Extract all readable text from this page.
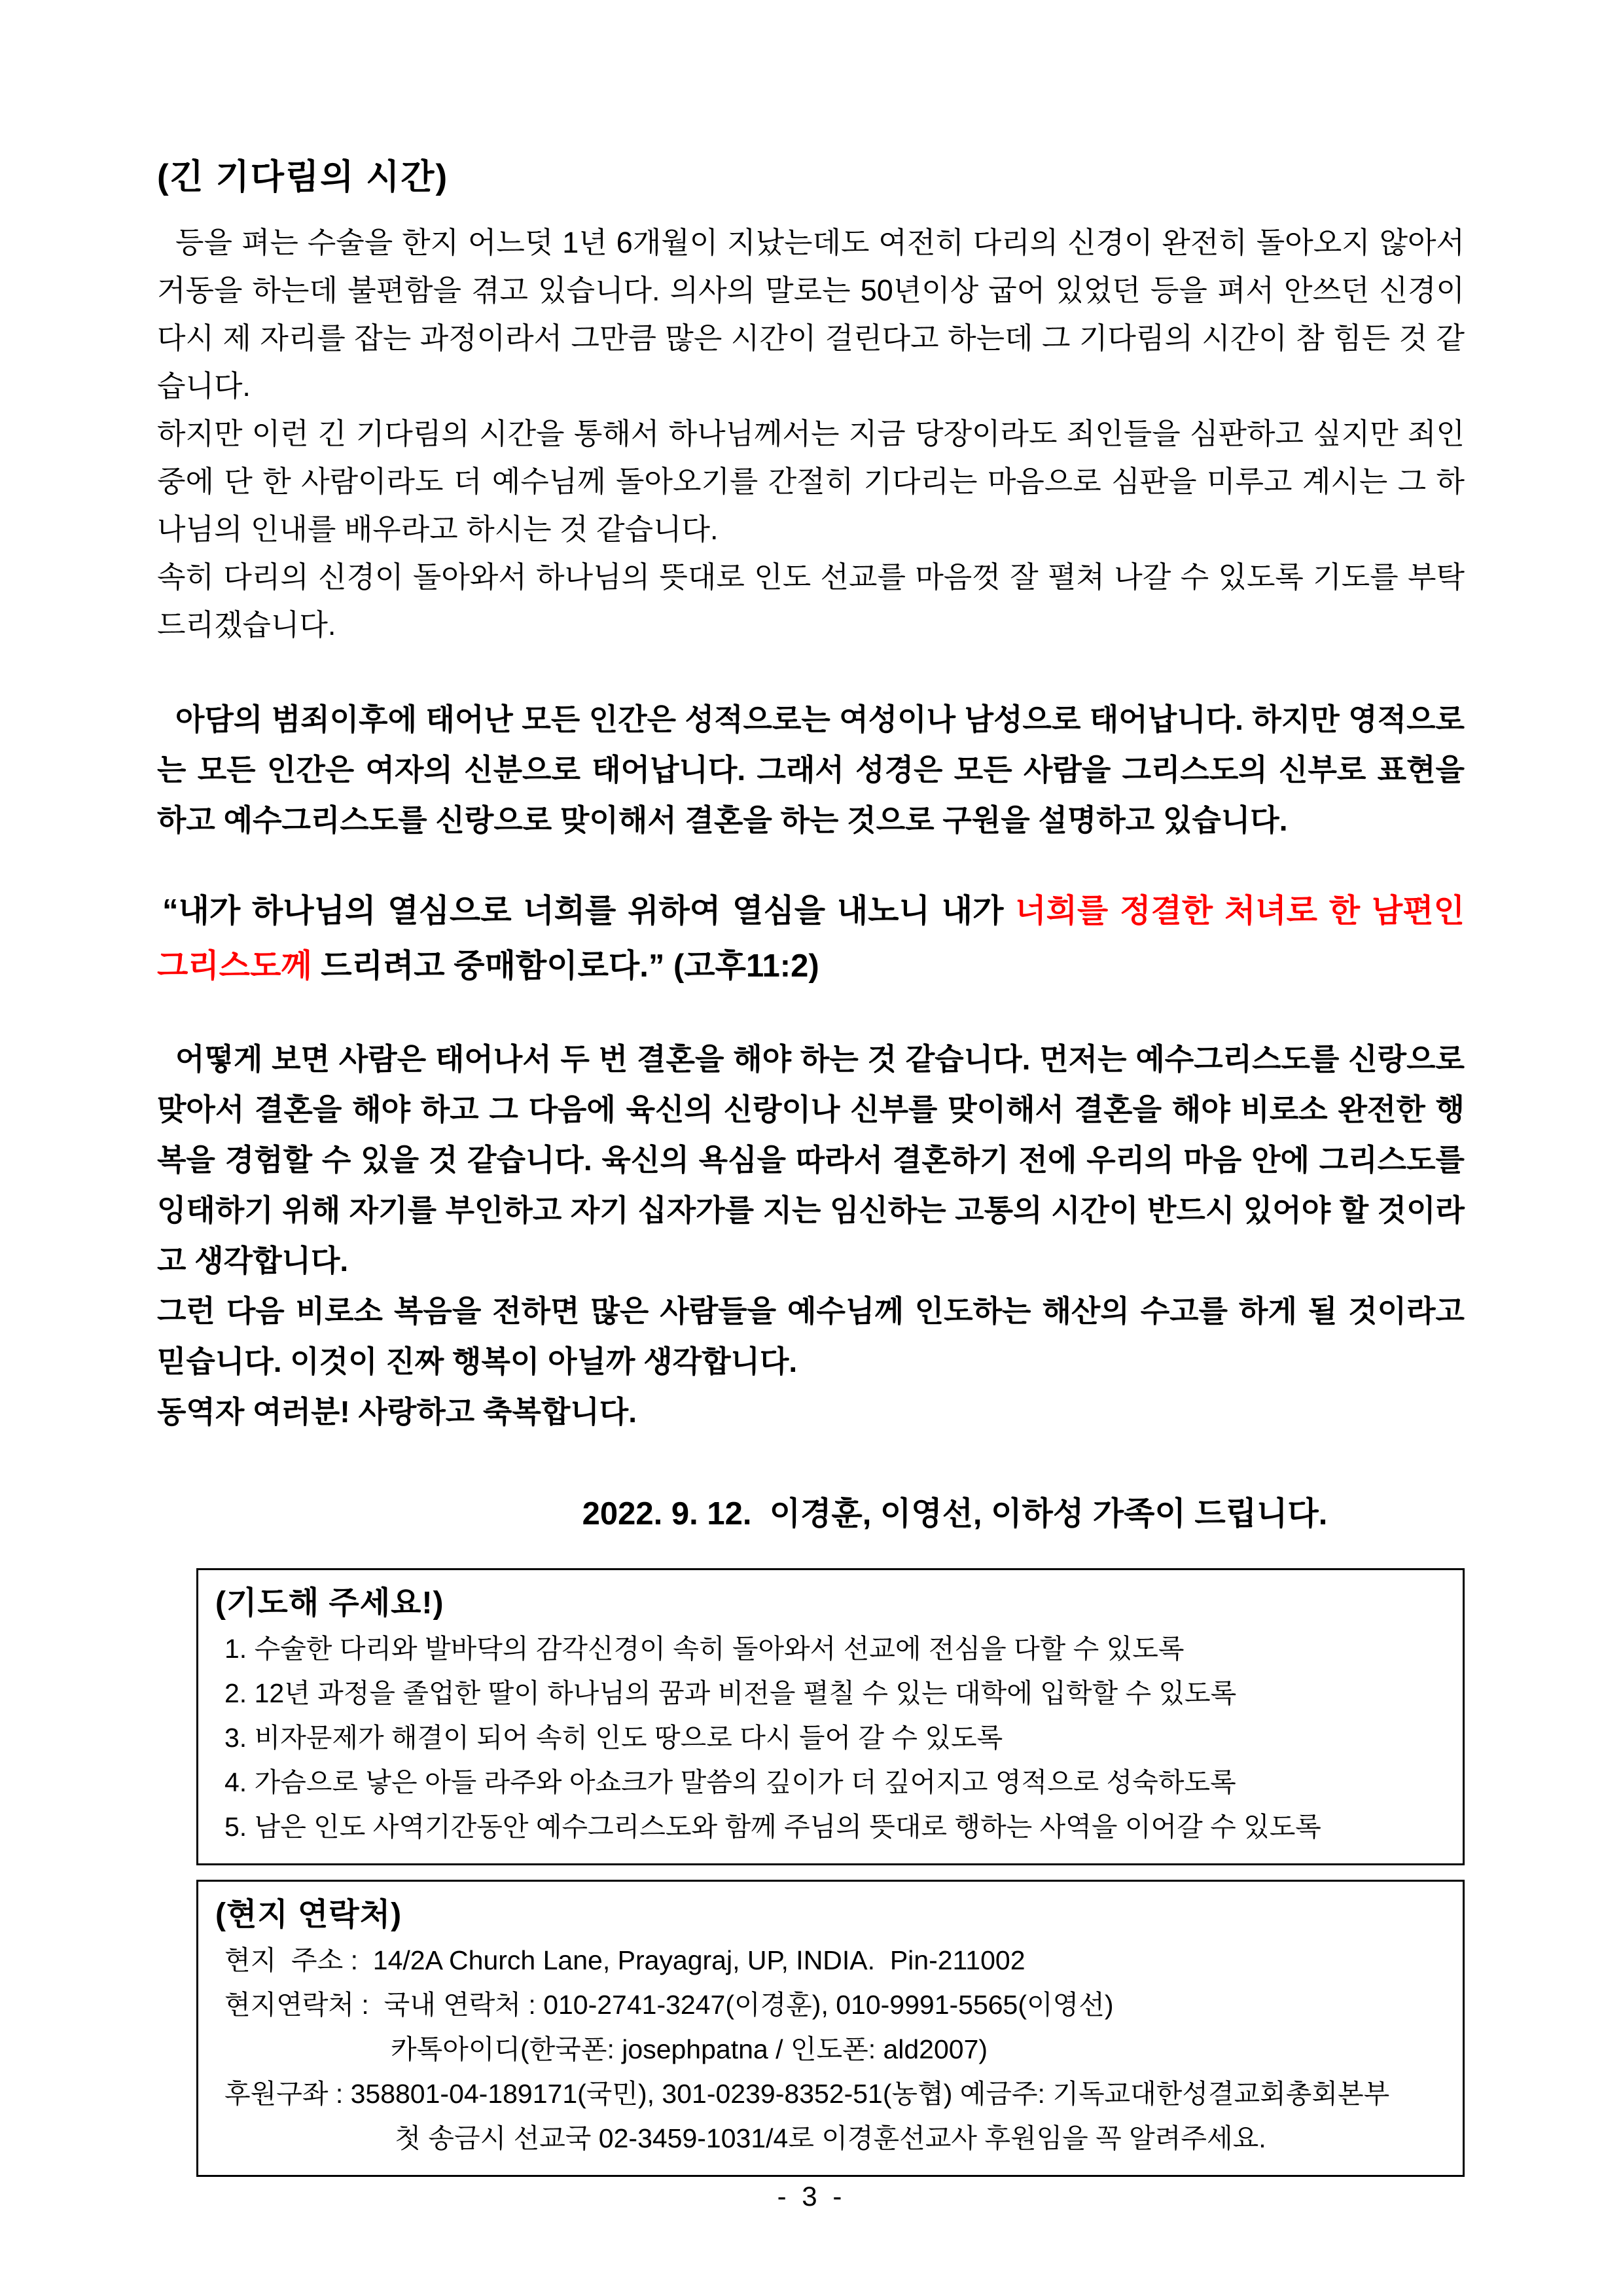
(긴 기다림의 시간)

등을 펴는 수술을 한지 어느덧 1년 6개월이 지났는데도 여전히 다리의 신경이 완전히 돌아오지 않아서 거동을 하는데 불편함을 겪고 있습니다. 의사의 말로는 50년이상 굽어 있었던 등을 펴서 안쓰던 신경이 다시 제 자리를 잡는 과정이라서 그만큼 많은 시간이 걸린다고 하는데 그 기다림의 시간이 참 힘든 것 같습니다.

하지만 이런 긴 기다림의 시간을 통해서 하나님께서는 지금 당장이라도 죄인들을 심판하고 싶지만 죄인 중에 단 한 사람이라도 더 예수님께 돌아오기를 간절히 기다리는 마음으로 심판을 미루고 계시는 그 하나님의 인내를 배우라고 하시는 것 같습니다.

속히 다리의 신경이 돌아와서 하나님의 뜻대로 인도 선교를 마음껏 잘 펼쳐 나갈 수 있도록 기도를 부탁드리겠습니다.

아담의 범죄이후에 태어난 모든 인간은 성적으로는 여성이나 남성으로 태어납니다. 하지만 영적으로는 모든 인간은 여자의 신분으로 태어납니다. 그래서 성경은 모든 사람을 그리스도의 신부로 표현을 하고 예수그리스도를 신랑으로 맞이해서 결혼을 하는 것으로 구원을 설명하고 있습니다.

“내가 하나님의 열심으로 너희를 위하여 열심을 내노니 내가 너희를 정결한 처녀로 한 남편인 그리스도께 드리려고 중매함이로다.” (고후11:2)

어떻게 보면 사람은 태어나서 두 번 결혼을 해야 하는 것 같습니다. 먼저는 예수그리스도를 신랑으로 맞아서 결혼을 해야 하고 그 다음에 육신의 신랑이나 신부를 맞이해서 결혼을 해야 비로소 완전한 행복을 경험할 수 있을 것 같습니다. 육신의 욕심을 따라서 결혼하기 전에 우리의 마음 안에 그리스도를 잉태하기 위해 자기를 부인하고 자기 십자가를 지는 임신하는 고통의 시간이 반드시 있어야 할 것이라고 생각합니다.

그런 다음 비로소 복음을 전하면 많은 사람들을 예수님께 인도하는 해산의 수고를 하게 될 것이라고 믿습니다. 이것이 진짜 행복이 아닐까 생각합니다.

동역자 여러분! 사랑하고 축복합니다.

2022. 9. 12.  이경훈, 이영선, 이하성 가족이 드립니다.
(기도해 주세요!)
1. 수술한 다리와 발바닥의 감각신경이 속히 돌아와서 선교에 전심을 다할 수 있도록
2. 12년 과정을 졸업한 딸이 하나님의 꿈과 비전을 펼칠 수 있는 대학에 입학할 수 있도록
3. 비자문제가 해결이 되어 속히 인도 땅으로 다시 들어 갈 수 있도록
4. 가슴으로 낳은 아들 라주와 아쇼크가 말씀의 깊이가 더 깊어지고 영적으로 성숙하도록
5. 남은 인도 사역기간동안 예수그리스도와 함께 주님의 뜻대로 행하는 사역을 이어갈 수 있도록
(현지 연락처)
현지  주소 :  14/2A Church Lane, Prayagraj, UP, INDIA.  Pin-211002
현지연락처 :  국내 연락처 : 010-2741-3247(이경훈), 010-9991-5565(이영선)
카톡아이디(한국폰: josephpatna / 인도폰: ald2007)
후원구좌 : 358801-04-189171(국민), 301-0239-8352-51(농협) 예금주: 기독교대한성결교회총회본부
첫 송금시 선교국 02-3459-1031/4로 이경훈선교사 후원임을 꼭 알려주세요.
- 3 -
